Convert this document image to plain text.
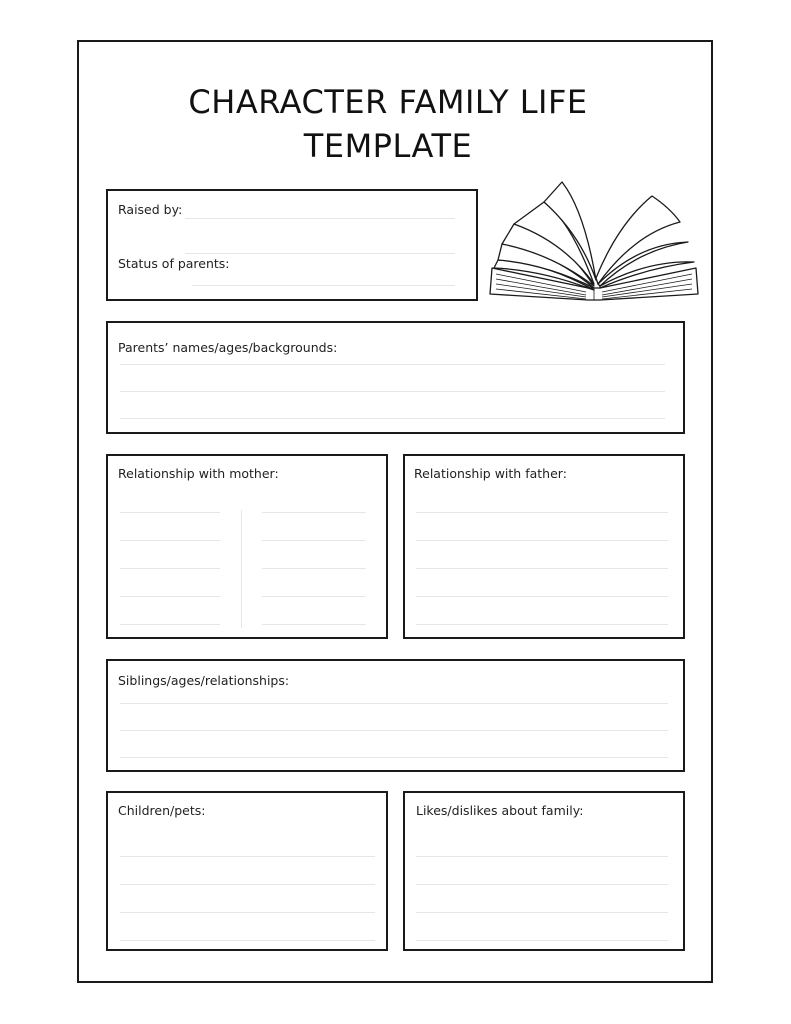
CHARACTER FAMILY LIFE
TEMPLATE
Raised by:
Status of parents:
Parents’ names/ages/backgrounds:
Relationship with mother:	Relationship with father:
Siblings/ages/relationships:
Children/pets:	Likes/dislikes about family:
